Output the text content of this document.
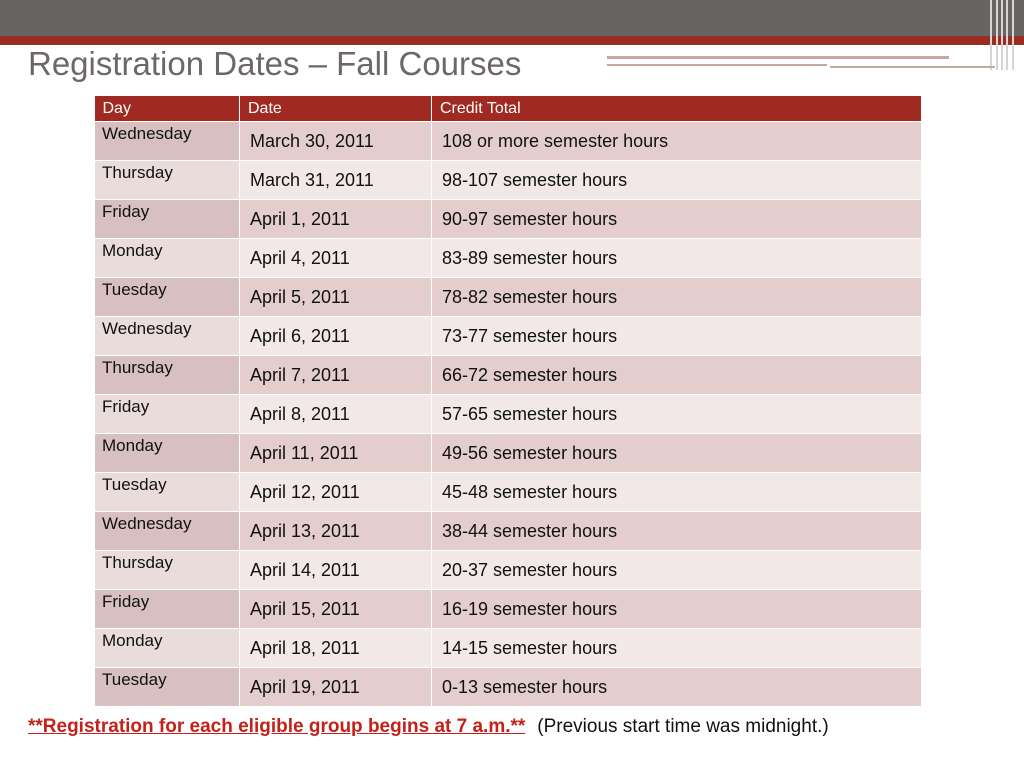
Registration Dates – Fall Courses
Day	Date	Credit Total
Wednesday	March 30, 2011	108 or more semester hours
Thursday	March 31, 2011	98-107 semester hours
Friday	April 1, 2011	90-97 semester hours
Monday	April 4, 2011	83-89 semester hours
Tuesday	April 5, 2011	78-82 semester hours
Wednesday	April 6, 2011	73-77 semester hours
Thursday	April 7, 2011	66-72 semester hours
Friday	April 8, 2011	57-65 semester hours
Monday	April 11, 2011	49-56 semester hours
Tuesday	April 12, 2011	45-48 semester hours
Wednesday	April 13, 2011	38-44 semester hours
Thursday	April 14, 2011	20-37 semester hours
Friday	April 15, 2011	16-19 semester hours
Monday	April 18, 2011	14-15 semester hours
Tuesday	April 19, 2011	0-13 semester hours
**Registration for each eligible group begins at 7 a.m.** (Previous start time was midnight.)
